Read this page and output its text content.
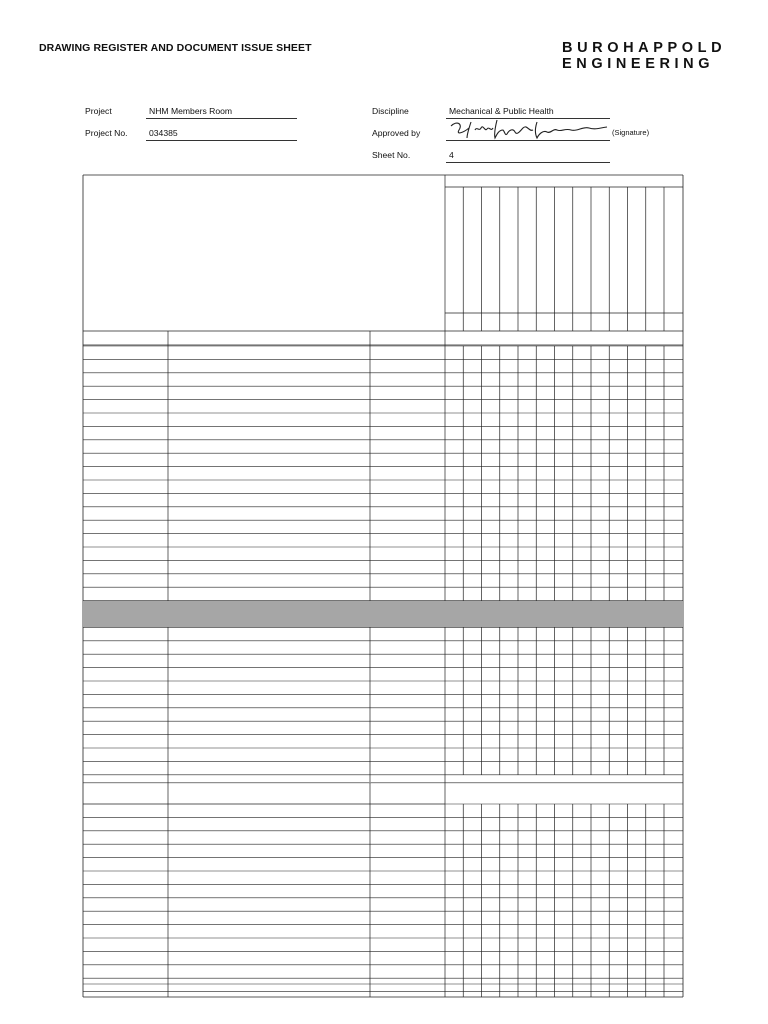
DRAWING REGISTER AND DOCUMENT ISSUE SHEET	BUROHAPPOLD
ENGINEERING
Project	NHM Members Room
Project No. 034385
Discipline	Mechanical & Public Health
Approved by	(Signature)
Sheet No.	4
